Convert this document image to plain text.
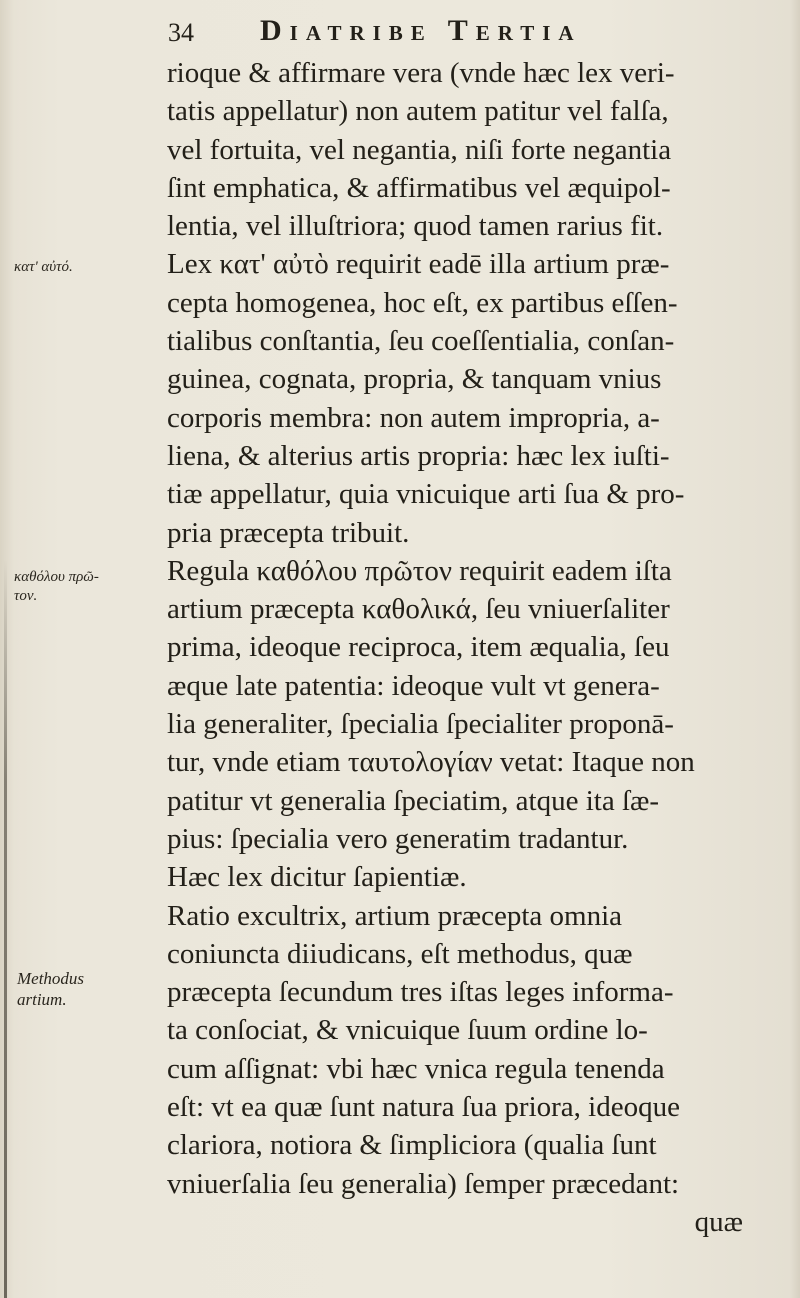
34 Diatribe Tertia
κατ' αὐτό.
καθόλου πρῶ-
τον.
Methodus
artium.
rioque & affirmare vera (vnde hæc lex veri-
tatis appellatur) non autem patitur vel falſa,
vel fortuita, vel negantia, niſi forte negantia
ſint emphatica, & affirmatibus vel æquipol-
lentia, vel illuſtriora; quod tamen rarius fit.
Lex κατ' αὐτὸ requirit eadē illa artium præ-
cepta homogenea, hoc eſt, ex partibus eſſen-
tialibus conſtantia, ſeu coeſſentialia, conſan-
guinea, cognata, propria, & tanquam vnius
corporis membra: non autem impropria, a-
liena, & alterius artis propria: hæc lex iuſti-
tiæ appellatur, quia vnicuique arti ſua & pro-
pria præcepta tribuit.
Regula καθόλου πρῶτον requirit eadem iſta
artium præcepta καθολικά, ſeu vniuerſaliter
prima, ideoque reciproca, item æqualia, ſeu
æque late patentia: ideoque vult vt genera-
lia generaliter, ſpecialia ſpecialiter proponā-
tur, vnde etiam ταυτολογίαν vetat: Itaque non
patitur vt generalia ſpeciatim, atque ita ſæ-
pius: ſpecialia vero generatim tradantur.
Hæc lex dicitur ſapientiæ.
Ratio excultrix, artium præcepta omnia
coniuncta diiudicans, eſt methodus, quæ
præcepta ſecundum tres iſtas leges informa-
ta conſociat, & vnicuique ſuum ordine lo-
cum aſſignat: vbi hæc vnica regula tenenda
eſt: vt ea quæ ſunt natura ſua priora, ideoque
clariora, notiora & ſimpliciora (qualia ſunt
vniuerſalia ſeu generalia) ſemper præcedant:
quæ
